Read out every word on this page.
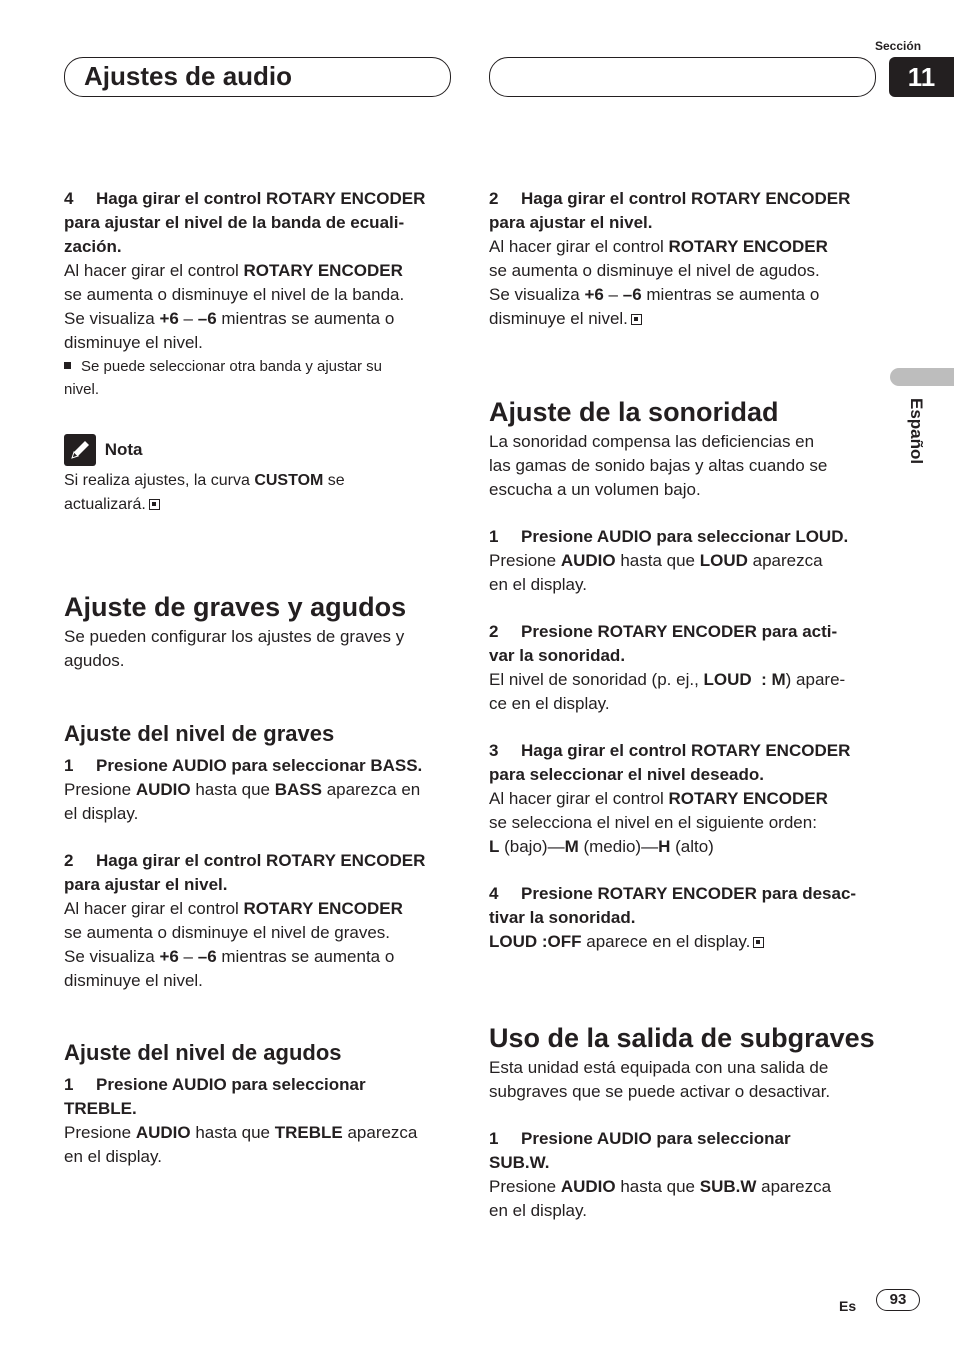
Ajustes de audio
Sección
11
Español

4 Haga girar el control ROTARY ENCODER

para ajustar el nivel de la banda de ecuali-

zación.

Al hacer girar el control ROTARY ENCODER

se aumenta o disminuye el nivel de la banda.

Se visualiza +6 – –6 mientras se aumenta o

disminuye el nivel.

Se puede seleccionar otra banda y ajustar su

nivel.

Nota

Si realiza ajustes, la curva CUSTOM se

actualizará.

Ajuste de graves y agudos

Se pueden configurar los ajustes de graves y

agudos.

Ajuste del nivel de graves

1 Presione AUDIO para seleccionar BASS.

Presione AUDIO hasta que BASS aparezca en

el display.

2 Haga girar el control ROTARY ENCODER

para ajustar el nivel.

Al hacer girar el control ROTARY ENCODER

se aumenta o disminuye el nivel de graves.

Se visualiza +6 – –6 mientras se aumenta o

disminuye el nivel.

Ajuste del nivel de agudos

1 Presione AUDIO para seleccionar

TREBLE.

Presione AUDIO hasta que TREBLE aparezca

en el display.

2 Haga girar el control ROTARY ENCODER

para ajustar el nivel.

Al hacer girar el control ROTARY ENCODER

se aumenta o disminuye el nivel de agudos.

Se visualiza +6 – –6 mientras se aumenta o

disminuye el nivel.

Ajuste de la sonoridad

La sonoridad compensa las deficiencias en

las gamas de sonido bajas y altas cuando se

escucha a un volumen bajo.

1 Presione AUDIO para seleccionar LOUD.

Presione AUDIO hasta que LOUD aparezca

en el display.

2 Presione ROTARY ENCODER para acti-

var la sonoridad.

El nivel de sonoridad (p. ej., LOUD  : M) apare-

ce en el display.

3 Haga girar el control ROTARY ENCODER

para seleccionar el nivel deseado.

Al hacer girar el control ROTARY ENCODER

se selecciona el nivel en el siguiente orden:

L (bajo)—M (medio)—H (alto)

4 Presione ROTARY ENCODER para desac-

tivar la sonoridad.

LOUD :OFF aparece en el display.

Uso de la salida de subgraves

Esta unidad está equipada con una salida de

subgraves que se puede activar o desactivar.

1 Presione AUDIO para seleccionar

SUB.W.

Presione AUDIO hasta que SUB.W aparezca

en el display.

Es	93
